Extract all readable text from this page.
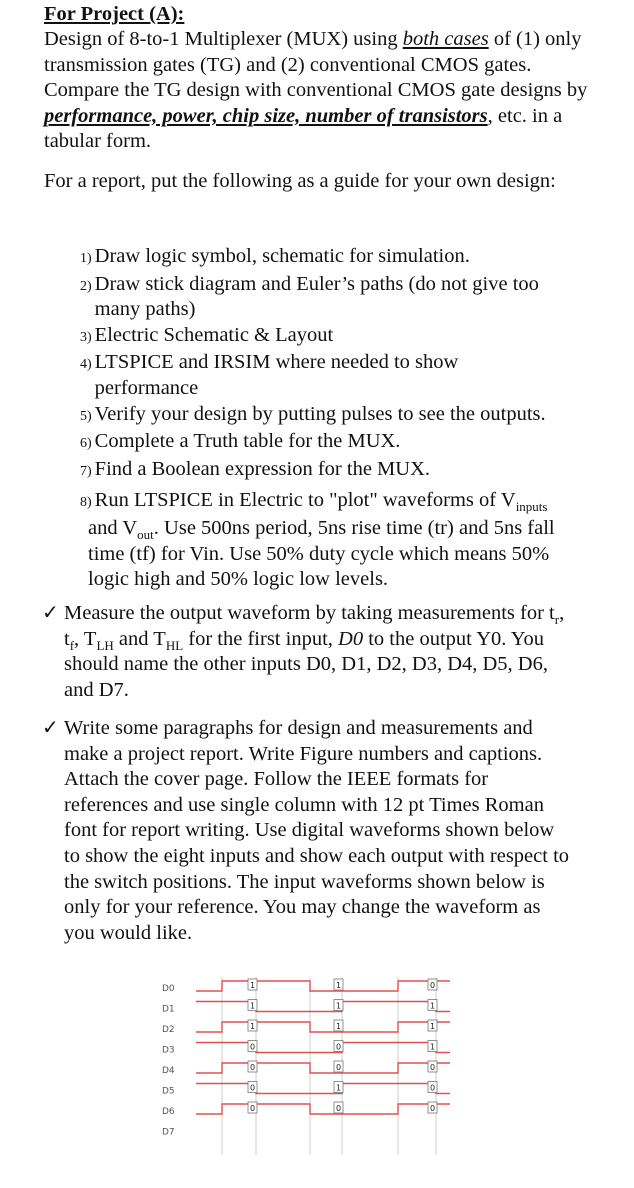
For Project (A):
Design of 8-to-1 Multiplexer (MUX) using both cases of (1) only transmission gates (TG) and (2) conventional CMOS gates. Compare the TG design with conventional CMOS gate designs by performance, power, chip size, number of transistors, etc. in a tabular form.
For a report, put the following as a guide for your own design:
1) Draw logic symbol, schematic for simulation.
2) Draw stick diagram and Euler’s paths (do not give too many paths)
3) Electric Schematic & Layout
4) LTSPICE and IRSIM where needed to show performance
5) Verify your design by putting pulses to see the outputs.
6) Complete a Truth table for the MUX.
7) Find a Boolean expression for the MUX.
8) Run LTSPICE in Electric to "plot" waveforms of $V_{inputs}$
and $V_{out}$. Use 500ns period, 5ns rise time (tr) and 5ns fall time (tf) for Vin. Use 50% duty cycle which means 50% logic high and 50% logic low levels.
✓ Measure the output waveform by taking measurements for $t_r$, $t_f$, $T_{LH}$ and $T_{HL}$ for the first input, D0 to the output Y0. You should name the other inputs D0, D1, D2, D3, D4, D5, D6, and D7.
✓ Write some paragraphs for design and measurements and make a project report. Write Figure numbers and captions. Attach the cover page. Follow the IEEE formats for references and use single column with 12 pt Times Roman font for report writing. Use digital waveforms shown below to show the eight inputs and show each output with respect to the switch positions. The input waveforms shown below is only for your reference. You may change the waveform as you would like.
D0	1	1	0
D1	1	1	1
D2	1	1	1
D3	0	0	1
D4	0	0	0
D5	0	1	0
D6	0	0	0
D7
